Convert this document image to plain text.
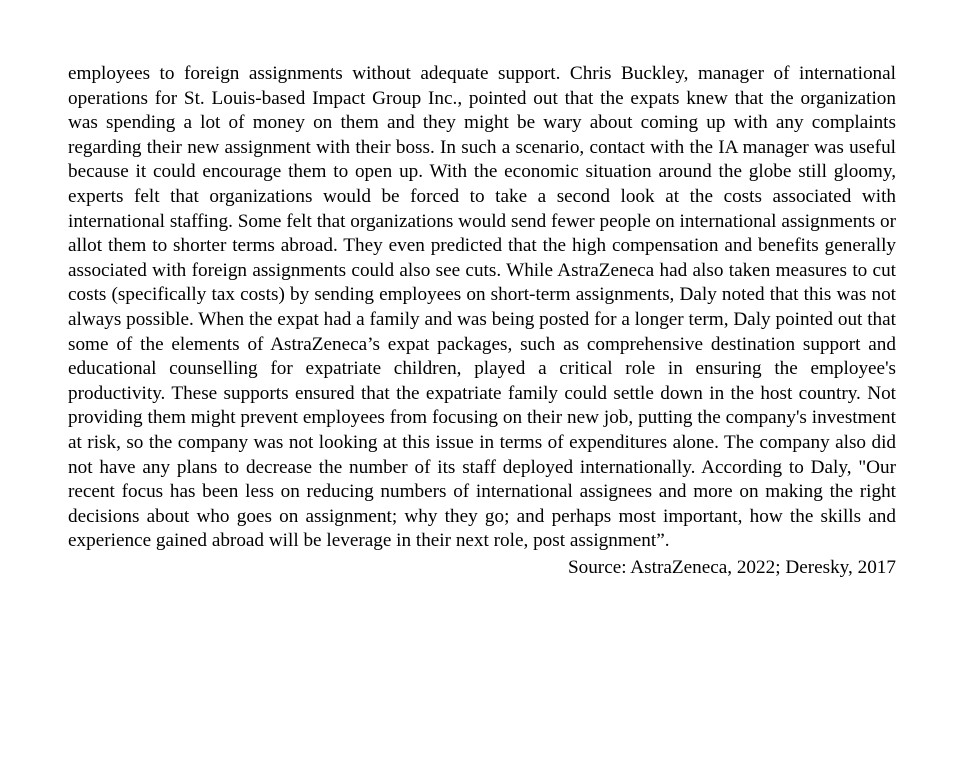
employees to foreign assignments without adequate support. Chris Buckley, manager of international operations for St. Louis-based Impact Group Inc., pointed out that the expats knew that the organization was spending a lot of money on them and they might be wary about coming up with any complaints regarding their new assignment with their boss. In such a scenario, contact with the IA manager was useful because it could encourage them to open up. With the economic situation around the globe still gloomy, experts felt that organizations would be forced to take a second look at the costs associated with international staffing. Some felt that organizations would send fewer people on international assignments or allot them to shorter terms abroad. They even predicted that the high compensation and benefits generally associated with foreign assignments could also see cuts. While AstraZeneca had also taken measures to cut costs (specifically tax costs) by sending employees on short-term assignments, Daly noted that this was not always possible. When the expat had a family and was being posted for a longer term, Daly pointed out that some of the elements of AstraZeneca’s expat packages, such as comprehensive destination support and educational counselling for expatriate children, played a critical role in ensuring the employee's productivity. These supports ensured that the expatriate family could settle down in the host country. Not providing them might prevent employees from focusing on their new job, putting the company's investment at risk, so the company was not looking at this issue in terms of expenditures alone. The company also did not have any plans to decrease the number of its staff deployed internationally. According to Daly, "Our recent focus has been less on reducing numbers of international assignees and more on making the right decisions about who goes on assignment; why they go; and perhaps most important, how the skills and experience gained abroad will be leverage in their next role, post assignment”.

Source: AstraZeneca, 2022; Deresky, 2017
